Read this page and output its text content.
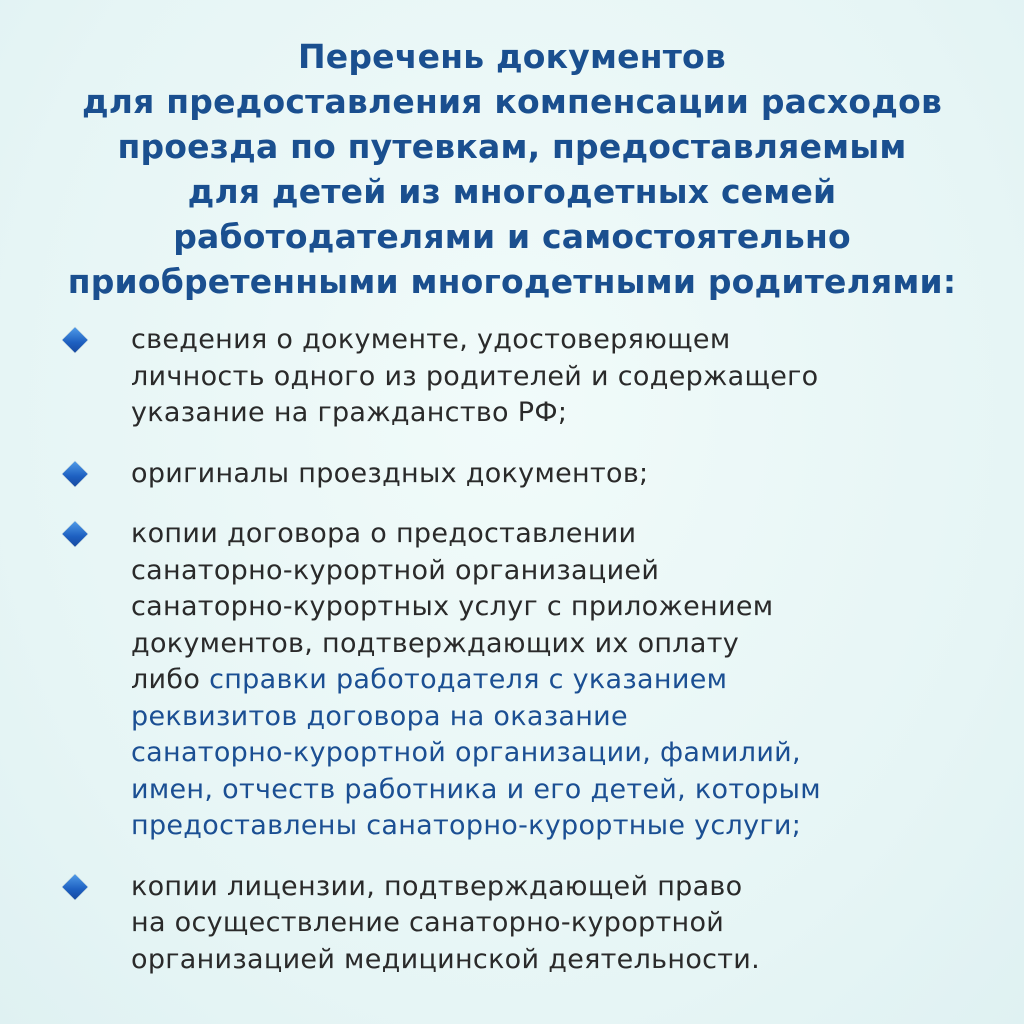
Перечень документов
для предоставления компенсации расходов
проезда по путевкам, предоставляемым
для детей из многодетных семей
работодателями и самостоятельно
приобретенными многодетными родителями:
сведения о документе, удостоверяющем
личность одного из родителей и содержащего
указание на гражданство РФ;
оригиналы проездных документов;
копии договора о предоставлении
санаторно-курортной организацией
санаторно-курортных услуг с приложением
документов, подтверждающих их оплату
либо справки работодателя с указанием
реквизитов договора на оказание
санаторно-курортной организации, фамилий,
имен, отчеств работника и его детей, которым
предоставлены санаторно-курортные услуги;
копии лицензии, подтверждающей право
на осуществление санаторно-курортной
организацией медицинской деятельности.
